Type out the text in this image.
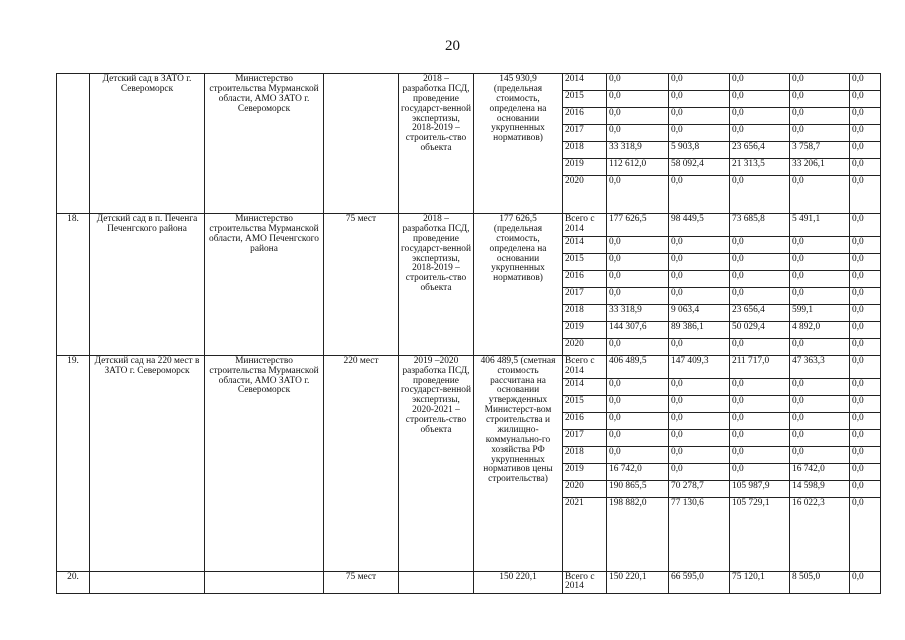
20
	Детский сад в ЗАТО г. Североморск	Министерство строительства Мурманской области, АМО ЗАТО г. Североморск		2018 – разработка ПСД, проведение государст-венной экспертизы, 2018-2019 – строитель-ство объекта	145 930,9 (предельная стоимость, определена на основании укрупненных нормативов)	2014	0,0	0,0	0,0	0,0	0,0
						2015	0,0	0,0	0,0	0,0	0,0
						2016	0,0	0,0	0,0	0,0	0,0
						2017	0,0	0,0	0,0	0,0	0,0
						2018	33 318,9	5 903,8	23 656,4	3 758,7	0,0
						2019	112 612,0	58 092,4	21 313,5	33 206,1	0,0
						2020	0,0	0,0	0,0	0,0	0,0
18.	Детский сад в п. Печенга Печенгского района	Министерство строительства Мурманской области, АМО Печенгского района	75 мест	2018 – разработка ПСД, проведение государст-венной экспертизы, 2018-2019 – строитель-ство объекта	177 626,5 (предельная стоимость, определена на основании укрупненных нормативов)	Всего с 2014	177 626,5	98 449,5	73 685,8	5 491,1	0,0
						2014	0,0	0,0	0,0	0,0	0,0
						2015	0,0	0,0	0,0	0,0	0,0
						2016	0,0	0,0	0,0	0,0	0,0
						2017	0,0	0,0	0,0	0,0	0,0
						2018	33 318,9	9 063,4	23 656,4	599,1	0,0
						2019	144 307,6	89 386,1	50 029,4	4 892,0	0,0
						2020	0,0	0,0	0,0	0,0	0,0
19.	Детский сад на 220 мест в ЗАТО г. Североморск	Министерство строительства Мурманской области, АМО ЗАТО г. Североморск	220 мест	2019 –2020 разработка ПСД, проведение государст-венной экспертизы, 2020-2021 – строитель-ство объекта	406 489,5 (сметная стоимость рассчитана на основании утвержденных Министерст-вом строительства и жилищно-коммунально-го хозяйства РФ укрупненных нормативов цены строительства)	Всего с 2014	406 489,5	147 409,3	211 717,0	47 363,3	0,0
						2014	0,0	0,0	0,0	0,0	0,0
						2015	0,0	0,0	0,0	0,0	0,0
						2016	0,0	0,0	0,0	0,0	0,0
						2017	0,0	0,0	0,0	0,0	0,0
						2018	0,0	0,0	0,0	0,0	0,0
						2019	16 742,0	0,0	0,0	16 742,0	0,0
						2020	190 865,5	70 278,7	105 987,9	14 598,9	0,0
						2021	198 882,0	77 130,6	105 729,1	16 022,3	0,0
20.			75 мест		150 220,1	Всего с 2014	150 220,1	66 595,0	75 120,1	8 505,0	0,0
